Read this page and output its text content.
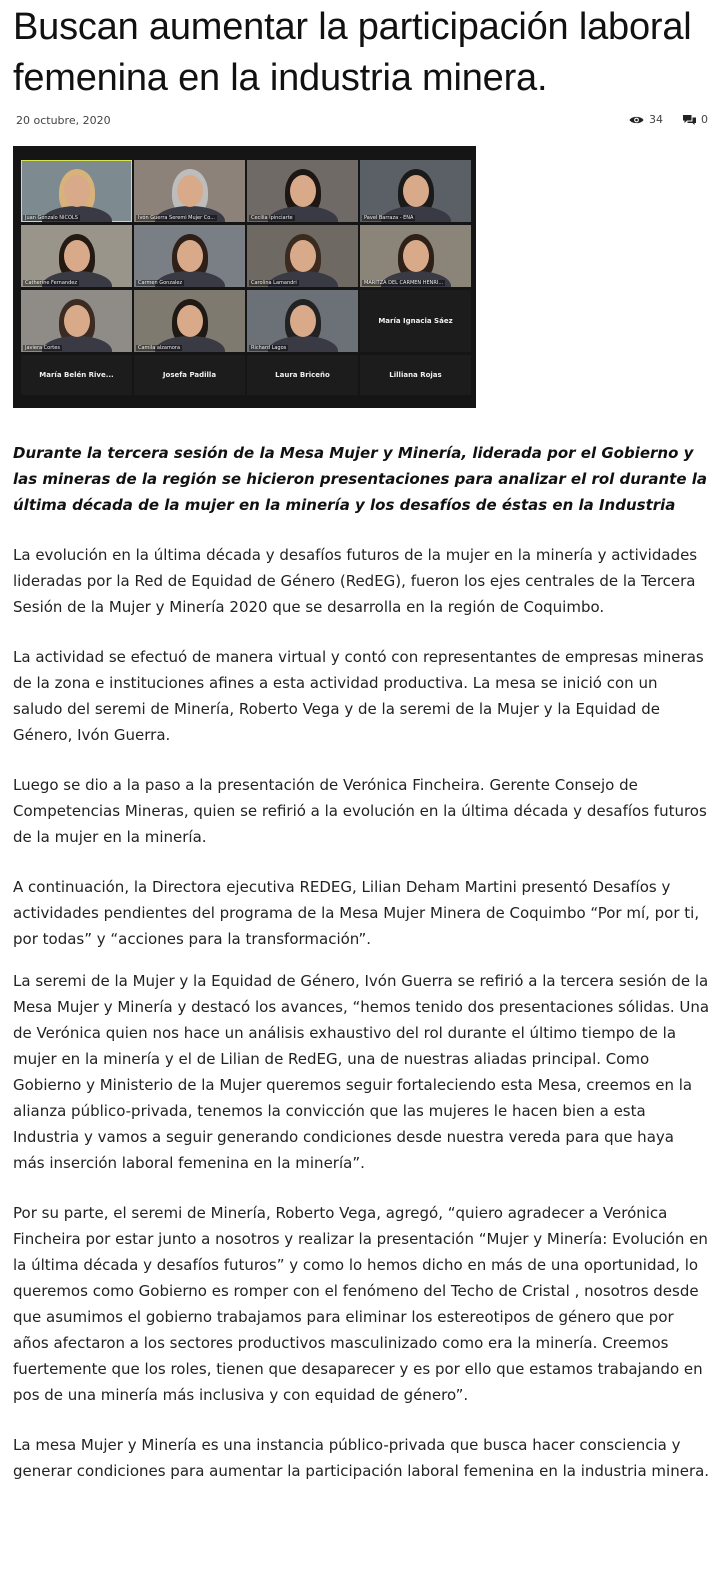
Buscan aumentar la participación laboral femenina en la industria minera.
20 octubre, 2020	34	0
Juan Gonzalo NICOLS	Ivón Guerra Seremi Mujer Co...	Cecilia Ipinciarte	Pavel Barraza - ENA
Catherine Fernandez	Carmen Gonzalez	Carolina Lamandri	MARITZA DEL CARMEN HENRI...
Javiera Cortes	Camila alzamora	Richard Lagos
María Ignacia Sáez
María Belén Rive...	Josefa Padilla	Laura Briceño	Lilliana Rojas

Durante la tercera sesión de la Mesa Mujer y Minería, liderada por el Gobierno y las mineras de la región se hicieron presentaciones para analizar el rol durante la última década de la mujer en la minería y los desafíos de éstas en la Industria

La evolución en la última década y desafíos futuros de la mujer en la minería y actividades lideradas por la Red de Equidad de Género (RedEG), fueron los ejes centrales de la Tercera Sesión de la Mujer y Minería 2020 que se desarrolla en la región de Coquimbo.

La actividad se efectuó de manera virtual y contó con representantes de empresas mineras de la zona e instituciones afines a esta actividad productiva. La mesa se inició con un saludo del seremi de Minería, Roberto Vega y de la seremi de la Mujer y la Equidad de Género, Ivón Guerra.

Luego se dio a la paso a la presentación de Verónica Fincheira. Gerente Consejo de Competencias Mineras, quien se refirió a la evolución en la última década y desafíos futuros de la mujer en la minería.

A continuación, la Directora ejecutiva REDEG, Lilian Deham Martini presentó Desafíos y actividades pendientes del programa de la Mesa Mujer Minera de Coquimbo “Por mí, por ti, por todas” y “acciones para la transformación”.

La seremi de la Mujer y la Equidad de Género, Ivón Guerra se refirió a la tercera sesión de la Mesa Mujer y Minería y destacó los avances, “hemos tenido dos presentaciones sólidas. Una de Verónica quien nos hace un análisis exhaustivo del rol durante el último tiempo de la mujer en la minería y el de Lilian de RedEG, una de nuestras aliadas principal. Como Gobierno y Ministerio de la Mujer queremos seguir fortaleciendo esta Mesa, creemos en la alianza público-privada, tenemos la convicción que las mujeres le hacen bien a esta Industria y vamos a seguir generando condiciones desde nuestra vereda para que haya más inserción laboral femenina en la minería”.

Por su parte, el seremi de Minería, Roberto Vega, agregó, “quiero agradecer a Verónica Fincheira por estar junto a nosotros y realizar la presentación “Mujer y Minería: Evolución en la última década y desafíos futuros” y como lo hemos dicho en más de una oportunidad, lo queremos como Gobierno es romper con el fenómeno del Techo de Cristal , nosotros desde que asumimos el gobierno trabajamos para eliminar los estereotipos de género que por años afectaron a los sectores productivos masculinizado como era la minería. Creemos fuertemente que los roles, tienen que desaparecer y es por ello que estamos trabajando en pos de una minería más inclusiva y con equidad de género”.

La mesa Mujer y Minería es una instancia público-privada que busca hacer consciencia y generar condiciones para aumentar la participación laboral femenina en la industria minera.
